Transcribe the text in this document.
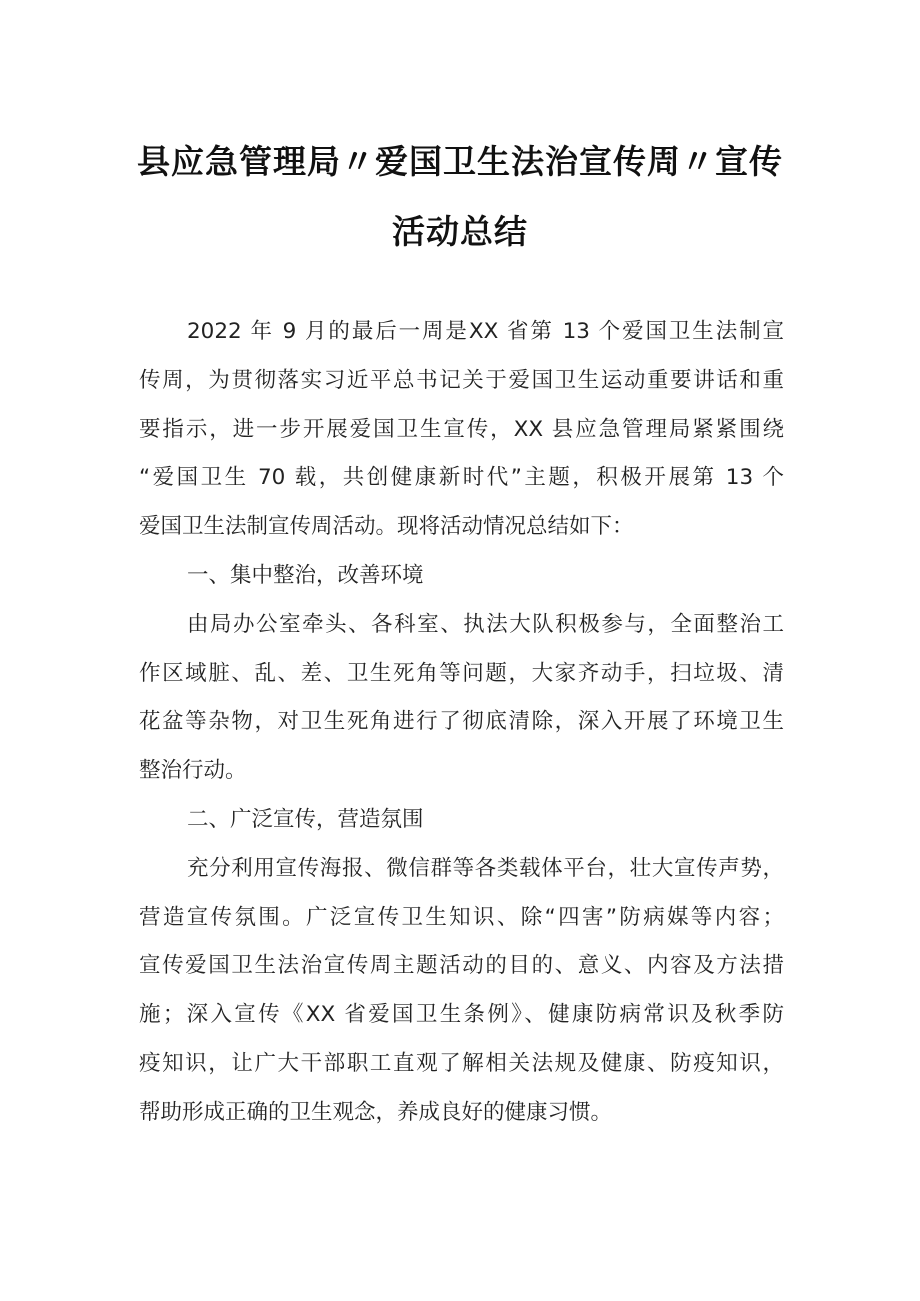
县应急管理局〃爱国卫生法治宣传周〃宣传
活动总结
2022 年 9 月的最后一周是XX 省第 13 个爱国卫生法制宣
传周，为贯彻落实习近平总书记关于爱国卫生运动重要讲话和重
要指示，进一步开展爱国卫生宣传，XX 县应急管理局紧紧围绕
“爱国卫生 70 载，共创健康新时代”主题，积极开展第 13 个
爱国卫生法制宣传周活动。现将活动情况总结如下：
一、集中整治，改善环境
由局办公室牵头、各科室、执法大队积极参与，全面整治工
作区域脏、乱、差、卫生死角等问题，大家齐动手，扫垃圾、清
花盆等杂物，对卫生死角进行了彻底清除，深入开展了环境卫生
整治行动。
二、广泛宣传，营造氛围
充分利用宣传海报、微信群等各类载体平台，壮大宣传声势，
营造宣传氛围。广泛宣传卫生知识、除“四害”防病媒等内容；
宣传爱国卫生法治宣传周主题活动的目的、意义、内容及方法措
施；深入宣传《XX 省爱国卫生条例》、健康防病常识及秋季防
疫知识，让广大干部职工直观了解相关法规及健康、防疫知识，
帮助形成正确的卫生观念，养成良好的健康习惯。
